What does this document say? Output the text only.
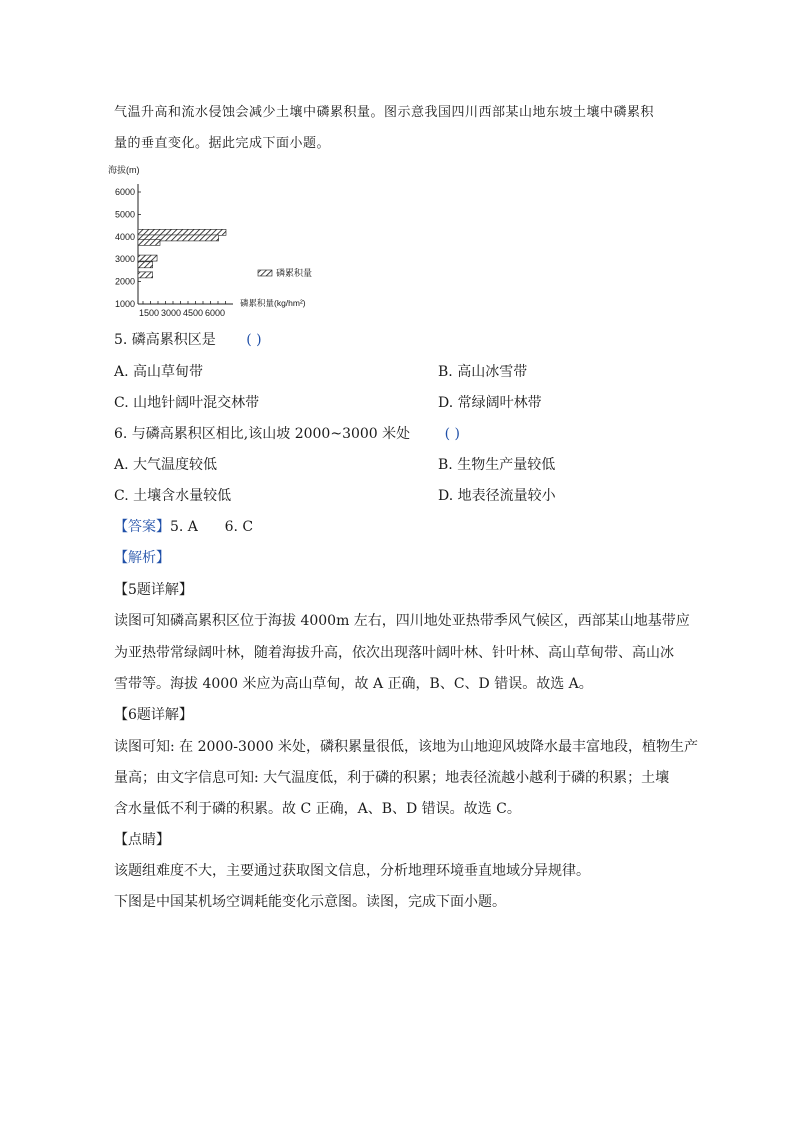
气温升高和流水侵蚀会减少土壤中磷累积量。图示意我国四川西部某山地东坡土壤中磷累积
量的垂直变化。据此完成下面小题。
海拔(m)
6000
5000
4000
3000
2000
1000
1500 3000 4500 6000
磷累积量
磷累积量(kg/hm²)
5. 磷高累积区是 ( )
A. 高山草甸带	B. 高山冰雪带
C. 山地针阔叶混交林带	D. 常绿阔叶林带
6. 与磷高累积区相比,该山坡 2000~3000 米处 ( )
A. 大气温度较低	B. 生物生产量较低
C. 土壤含水量较低	D. 地表径流量较小
【答案】5. A      6. C
【解析】
【5题详解】
读图可知磷高累积区位于海拔 4000m 左右，四川地处亚热带季风气候区，西部某山地基带应
为亚热带常绿阔叶林，随着海拔升高，依次出现落叶阔叶林、针叶林、高山草甸带、高山冰
雪带等。海拔 4000 米应为高山草甸，故 A 正确，B、C、D 错误。故选 A。
【6题详解】
读图可知: 在 2000-3000 米处，磷积累量很低，该地为山地迎风坡降水最丰富地段，植物生产
量高；由文字信息可知: 大气温度低，利于磷的积累；地表径流越小越利于磷的积累；土壤
含水量低不利于磷的积累。故 C 正确，A、B、D 错误。故选 C。
【点睛】
该题组难度不大，主要通过获取图文信息，分析地理环境垂直地域分异规律。
下图是中国某机场空调耗能变化示意图。读图，完成下面小题。
